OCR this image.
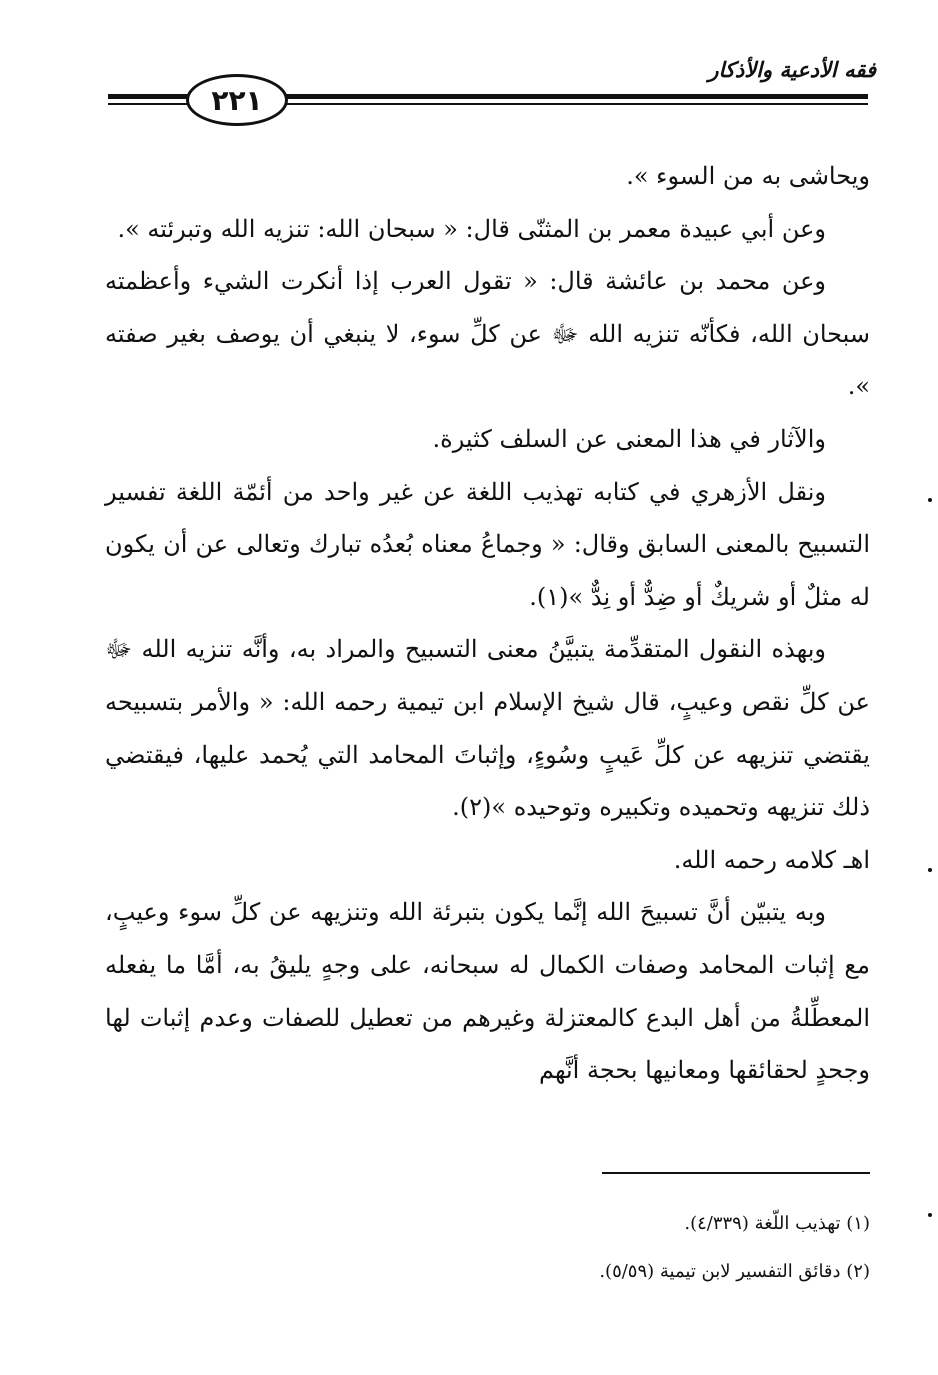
فقه الأدعية والأذكار
٢٢١

ويحاشى به من السوء ».

وعن أبي عبيدة معمر بن المثنّى قال: « سبحان الله: تنزيه الله وتبرئته ».

وعن محمد بن عائشة قال: « تقول العرب إذا أنكرت الشيء وأعظمته سبحان الله، فكأنّه تنزيه الله ﷻ عن كلِّ سوء، لا ينبغي أن يوصف بغير صفته ».

والآثار في هذا المعنى عن السلف كثيرة.

ونقل الأزهري في كتابه تهذيب اللغة عن غير واحد من أئمّة اللغة تفسير التسبيح بالمعنى السابق وقال: « وجماعُ معناه بُعدُه تبارك وتعالى عن أن يكون له مثلٌ أو شريكٌ أو ضِدٌّ أو نِدٌّ »(١).

وبهذه النقول المتقدِّمة يتبيَّنُ معنى التسبيح والمراد به، وأنَّه تنزيه الله ﷻ عن كلِّ نقص وعيبٍ، قال شيخ الإسلام ابن تيمية رحمه الله: « والأمر بتسبيحه يقتضي تنزيهه عن كلِّ عَيبٍ وسُوءٍ، وإثباتَ المحامد التي يُحمد عليها، فيقتضي ذلك تنزيهه وتحميده وتكبيره وتوحيده »(٢).

اهـ كلامه رحمه الله.

وبه يتبيّن أنَّ تسبيحَ الله إنَّما يكون بتبرئة الله وتنزيهه عن كلِّ سوء وعيبٍ، مع إثبات المحامد وصفات الكمال له سبحانه، على وجهٍ يليقُ به، أمَّا ما يفعله المعطِّلةُ من أهل البدع كالمعتزلة وغيرهم من تعطيل للصفات وعدم إثبات لها وجحدٍ لحقائقها ومعانيها بحجة أنَّهم

(١) تهذيب اللّغة (٤/٣٣٩).
(٢) دقائق التفسير لابن تيمية (٥/٥٩).
